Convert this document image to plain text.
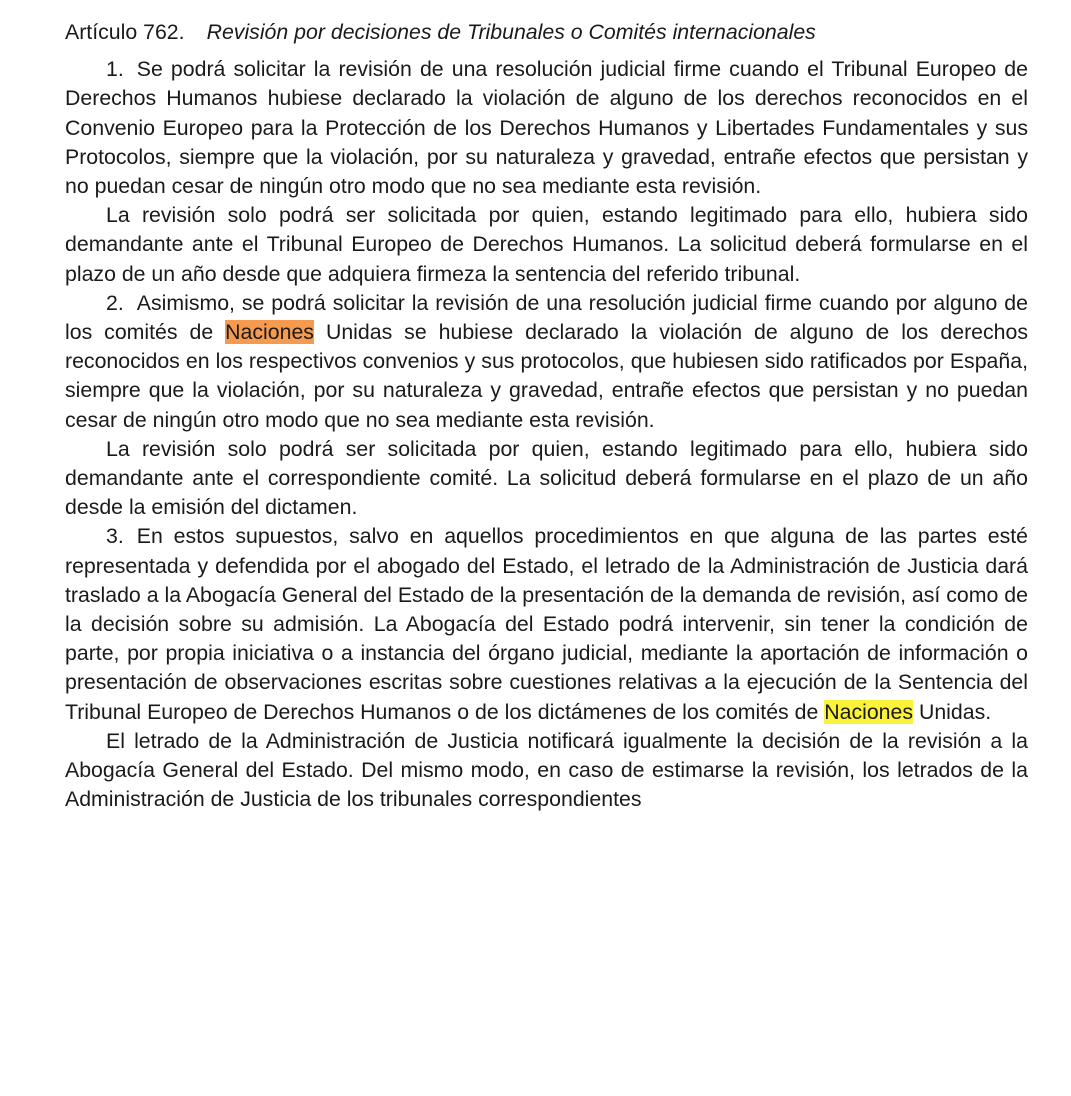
Artículo 762. Revisión por decisiones de Tribunales o Comités internacionales

1. Se podrá solicitar la revisión de una resolución judicial firme cuando el Tribunal Europeo de Derechos Humanos hubiese declarado la violación de alguno de los derechos reconocidos en el Convenio Europeo para la Protección de los Derechos Humanos y Libertades Fundamentales y sus Protocolos, siempre que la violación, por su naturaleza y gravedad, entrañe efectos que persistan y no puedan cesar de ningún otro modo que no sea mediante esta revisión.

La revisión solo podrá ser solicitada por quien, estando legitimado para ello, hubiera sido demandante ante el Tribunal Europeo de Derechos Humanos. La solicitud deberá formularse en el plazo de un año desde que adquiera firmeza la sentencia del referido tribunal.

2. Asimismo, se podrá solicitar la revisión de una resolución judicial firme cuando por alguno de los comités de Naciones Unidas se hubiese declarado la violación de alguno de los derechos reconocidos en los respectivos convenios y sus protocolos, que hubiesen sido ratificados por España, siempre que la violación, por su naturaleza y gravedad, entrañe efectos que persistan y no puedan cesar de ningún otro modo que no sea mediante esta revisión.

La revisión solo podrá ser solicitada por quien, estando legitimado para ello, hubiera sido demandante ante el correspondiente comité. La solicitud deberá formularse en el plazo de un año desde la emisión del dictamen.

3. En estos supuestos, salvo en aquellos procedimientos en que alguna de las partes esté representada y defendida por el abogado del Estado, el letrado de la Administración de Justicia dará traslado a la Abogacía General del Estado de la presentación de la demanda de revisión, así como de la decisión sobre su admisión. La Abogacía del Estado podrá intervenir, sin tener la condición de parte, por propia iniciativa o a instancia del órgano judicial, mediante la aportación de información o presentación de observaciones escritas sobre cuestiones relativas a la ejecución de la Sentencia del Tribunal Europeo de Derechos Humanos o de los dictámenes de los comités de Naciones Unidas.

El letrado de la Administración de Justicia notificará igualmente la decisión de la revisión a la Abogacía General del Estado. Del mismo modo, en caso de estimarse la revisión, los letrados de la Administración de Justicia de los tribunales correspondientes
